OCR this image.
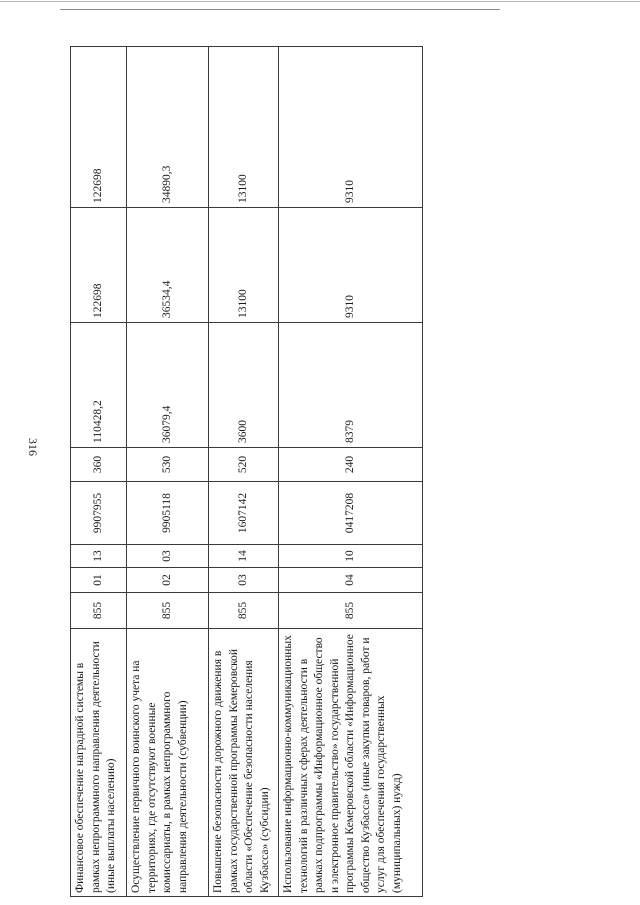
316
Финансовое обеспечение наградной системы в рамках непрограммного направления деятельности (иные выплаты населению)	855	01	13	9907955	360	110428,2	122698	122698
Осуществление первичного воинского учета на территориях, где отсутствуют военные комиссариаты, в рамках непрограммного направления деятельности (субвенции)	855	02	03	9905118	530	36079,4	36534,4	34890,3
Повышение безопасности дорожного движения в рамках государственной программы Кемеровской области «Обеспечение безопасности населения Кузбасса» (субсидии)	855	03	14	1607142	520	3600	13100	13100
Использование информационно-коммуникационных технологий в различных сферах деятельности в рамках подпрограммы «Информационное общество и электронное правительство» государственной программы Кемеровской области «Информационное общество Кузбасса» (иные закупки товаров, работ и услуг для обеспечения государственных (муниципальных) нужд)	855	04	10	0417208	240	8379	9310	9310
